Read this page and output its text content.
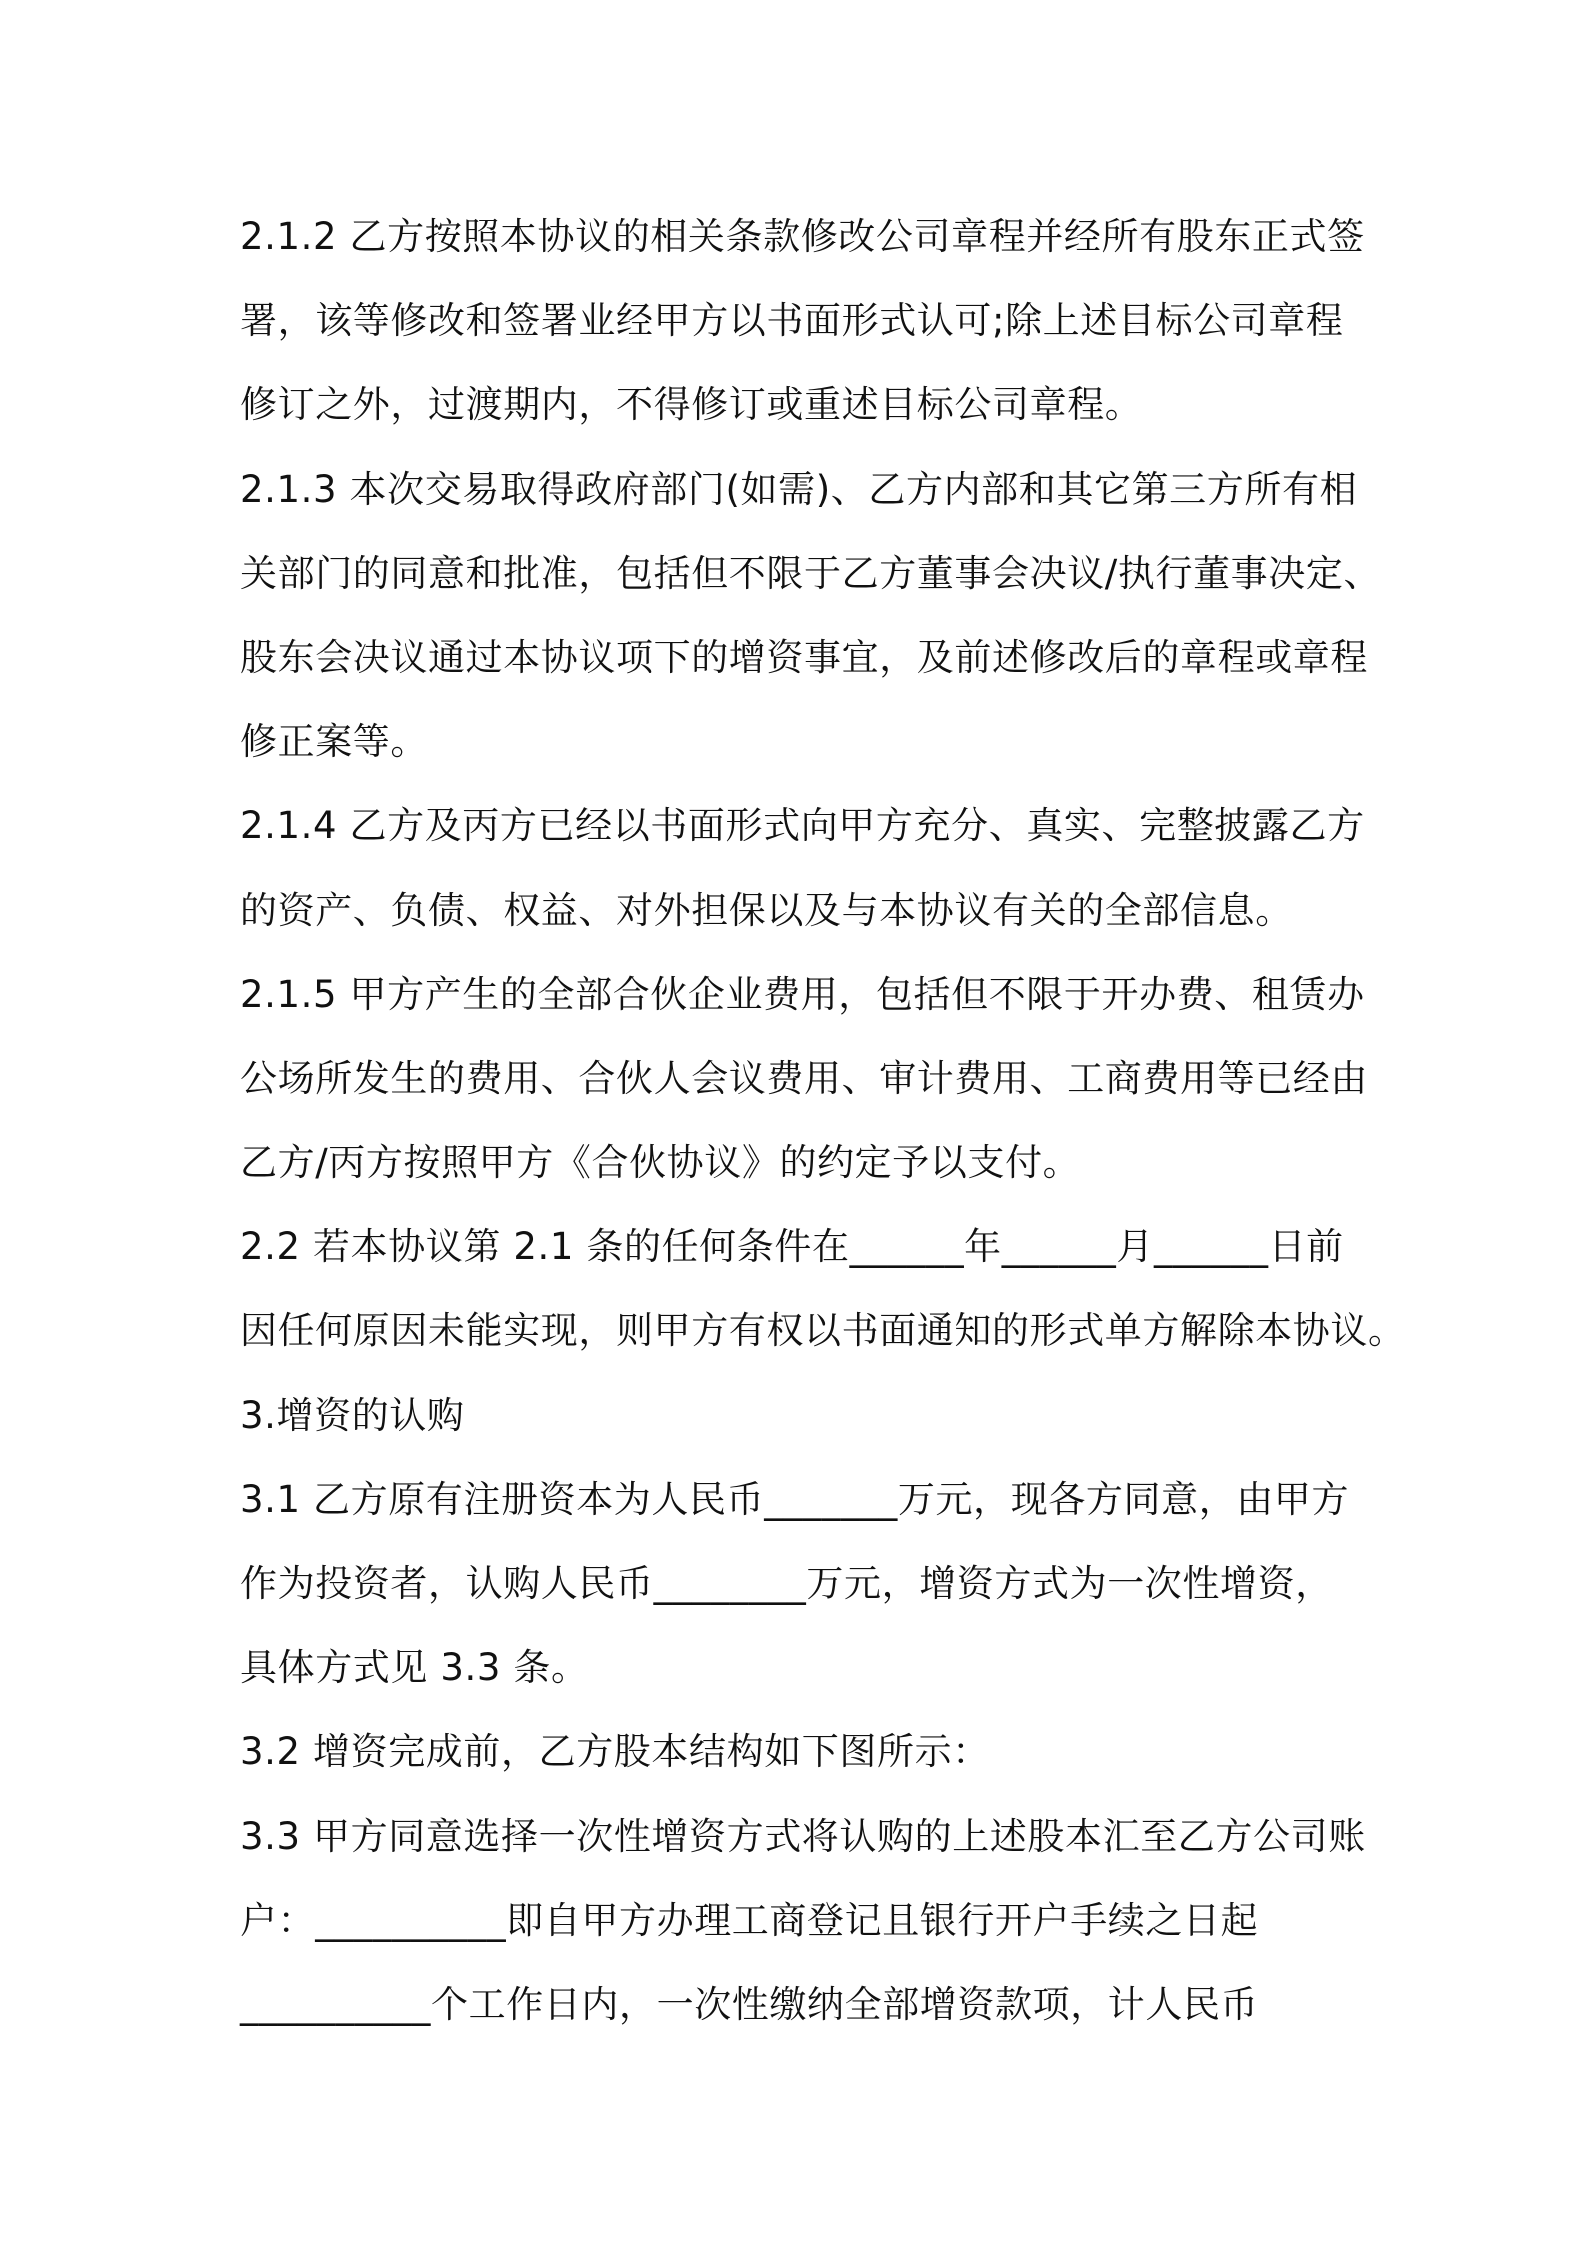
2.1.2 乙方按照本协议的相关条款修改公司章程并经所有股东正式签
署，该等修改和签署业经甲方以书面形式认可;除上述目标公司章程
修订之外，过渡期内，不得修订或重述目标公司章程。
2.1.3 本次交易取得政府部门(如需)、乙方内部和其它第三方所有相
关部门的同意和批准，包括但不限于乙方董事会决议/执行董事决定、
股东会决议通过本协议项下的增资事宜，及前述修改后的章程或章程
修正案等。
2.1.4 乙方及丙方已经以书面形式向甲方充分、真实、完整披露乙方
的资产、负债、权益、对外担保以及与本协议有关的全部信息。
2.1.5 甲方产生的全部合伙企业费用，包括但不限于开办费、租赁办
公场所发生的费用、合伙人会议费用、审计费用、工商费用等已经由
乙方/丙方按照甲方《合伙协议》的约定予以支付。
2.2 若本协议第 2.1 条的任何条件在______年______月______日前
因任何原因未能实现，则甲方有权以书面通知的形式单方解除本协议。
3.增资的认购
3.1 乙方原有注册资本为人民币_______万元，现各方同意，由甲方
作为投资者，认购人民币________万元，增资方式为一次性增资，
具体方式见 3.3 条。
3.2 增资完成前，乙方股本结构如下图所示：
3.3 甲方同意选择一次性增资方式将认购的上述股本汇至乙方公司账
户：__________即自甲方办理工商登记且银行开户手续之日起
__________个工作日内，一次性缴纳全部增资款项，计人民币
